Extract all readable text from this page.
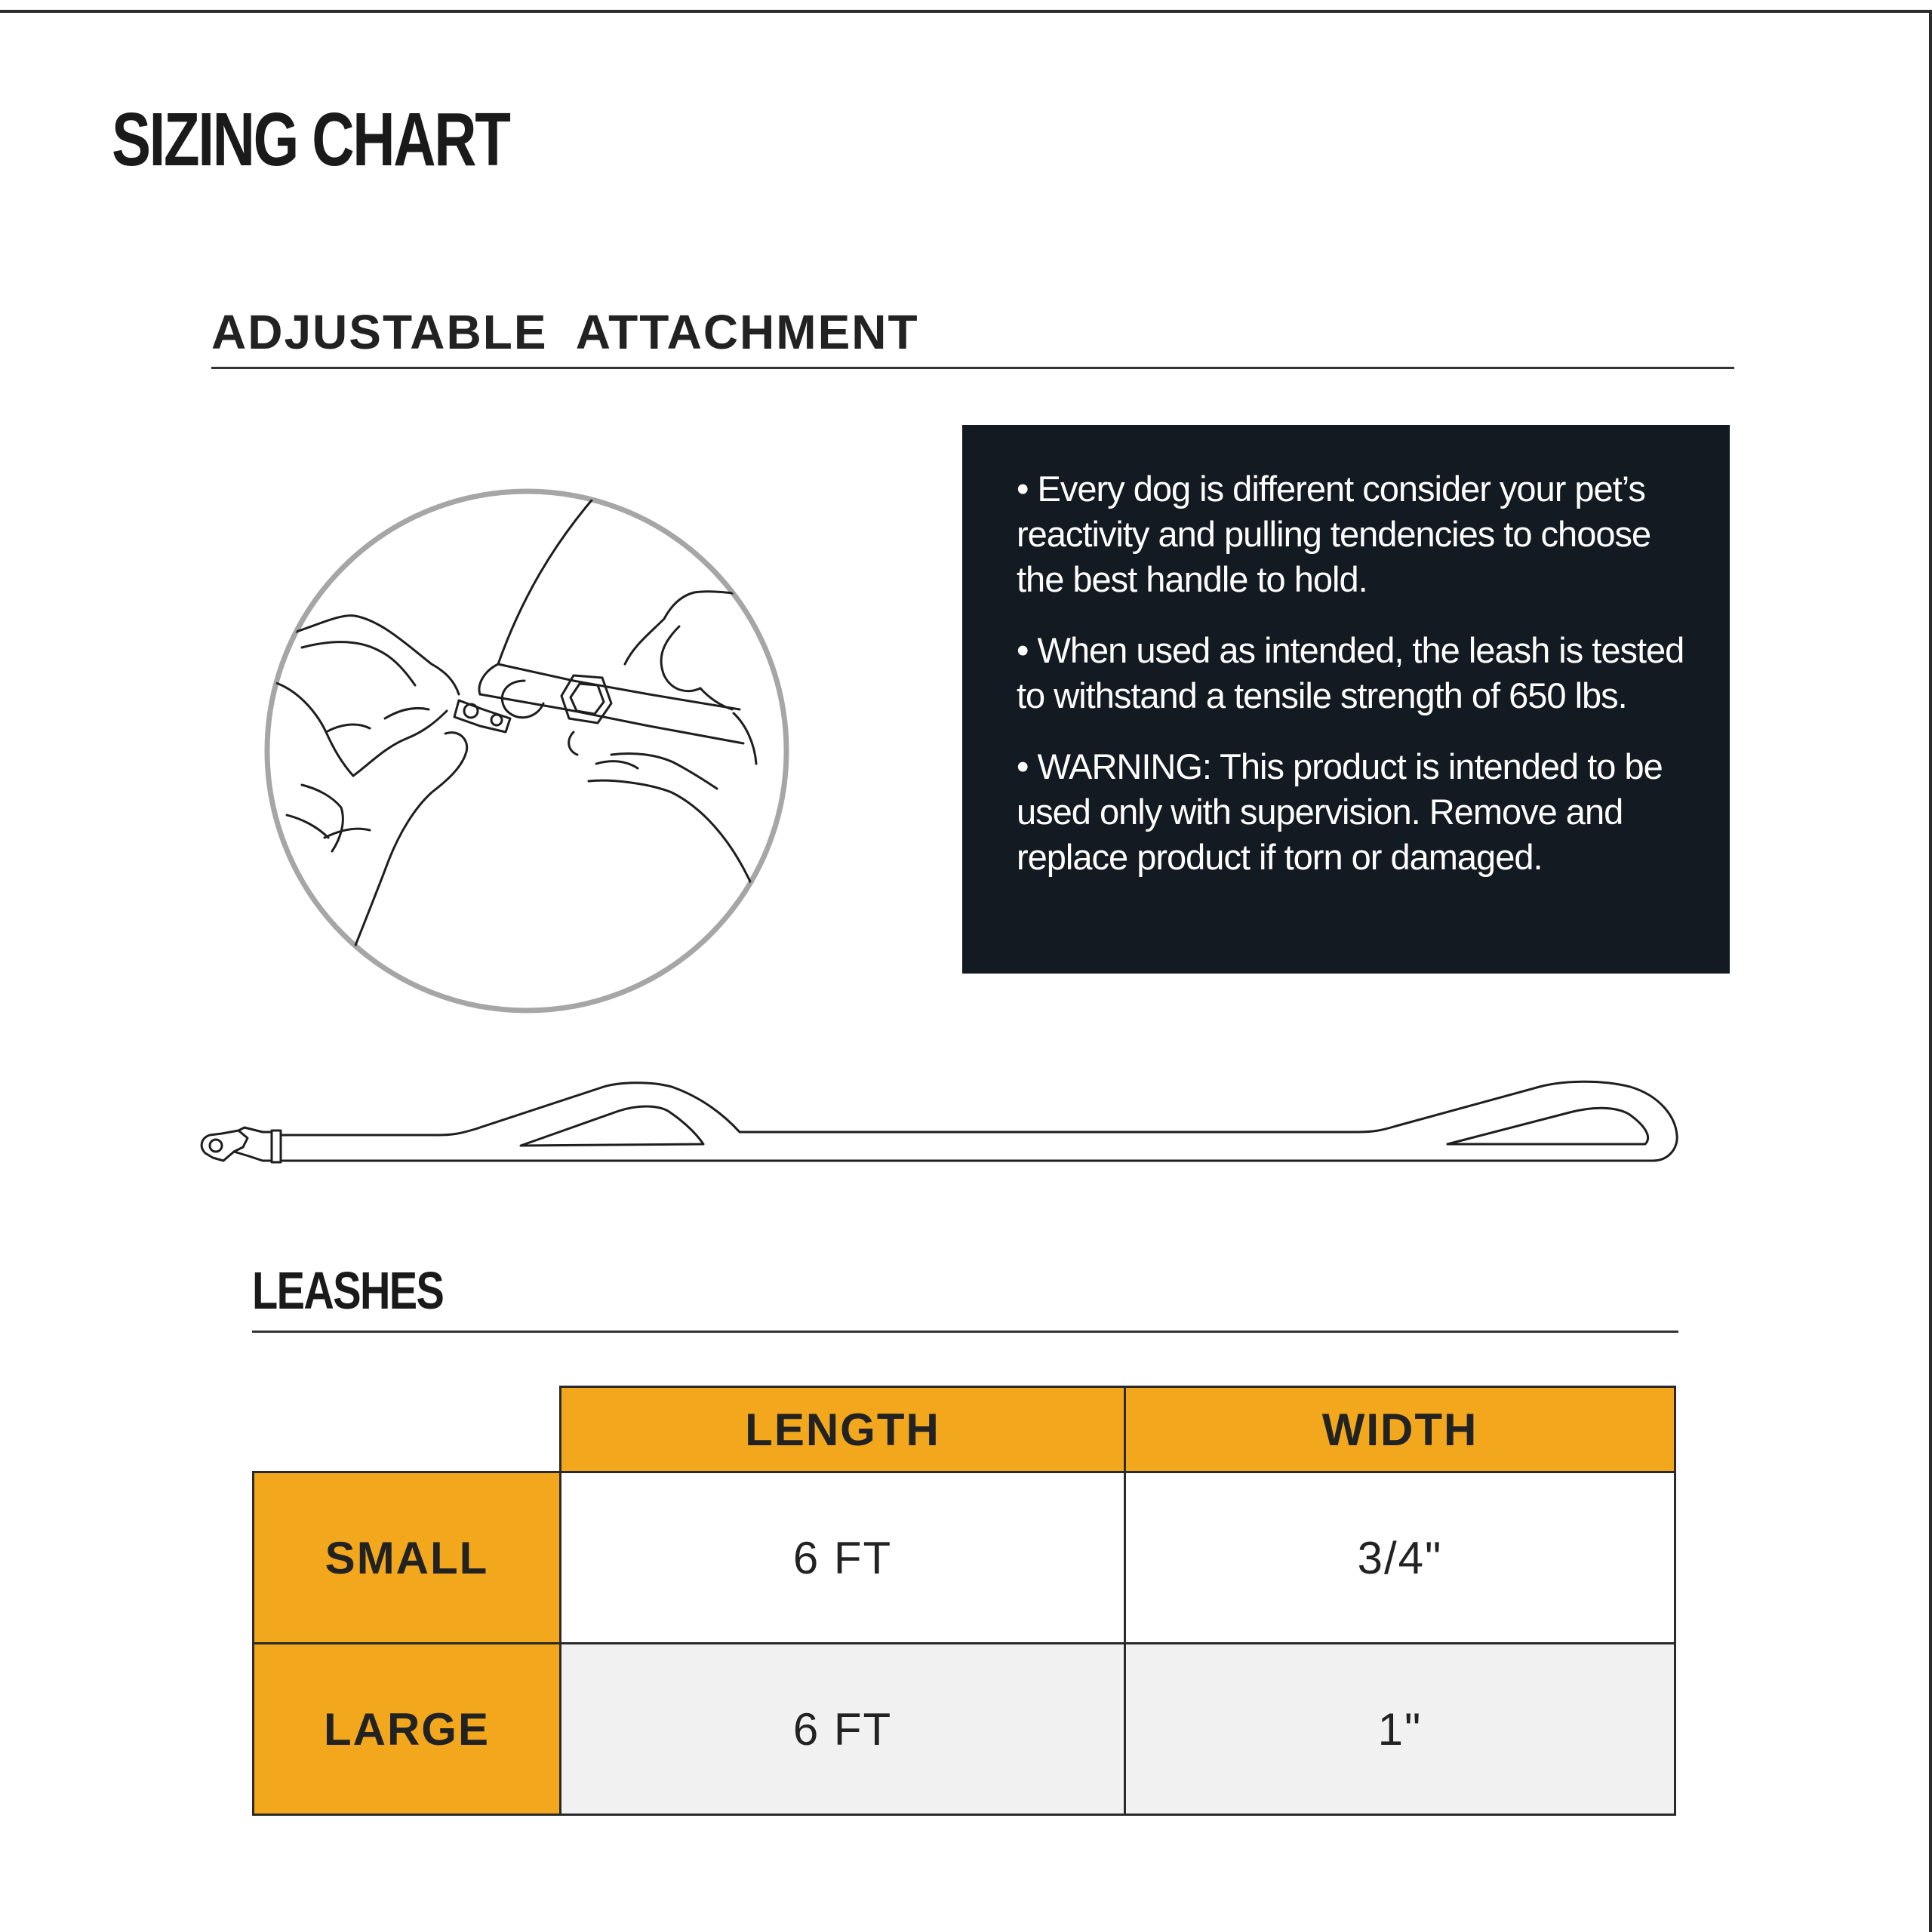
SIZING CHART
ADJUSTABLE  ATTACHMENT

• Every dog is different consider your pet’s reactivity and pulling tendencies to choose the best handle to hold.

• When used as intended, the leash is tested to withstand a tensile strength of 650 lbs.

• WARNING: This product is intended to be used only with supervision. Remove and replace product if torn or damaged.

LEASHES
	LENGTH	WIDTH
SMALL	6 FT	3/4"
LARGE	6 FT	1"
